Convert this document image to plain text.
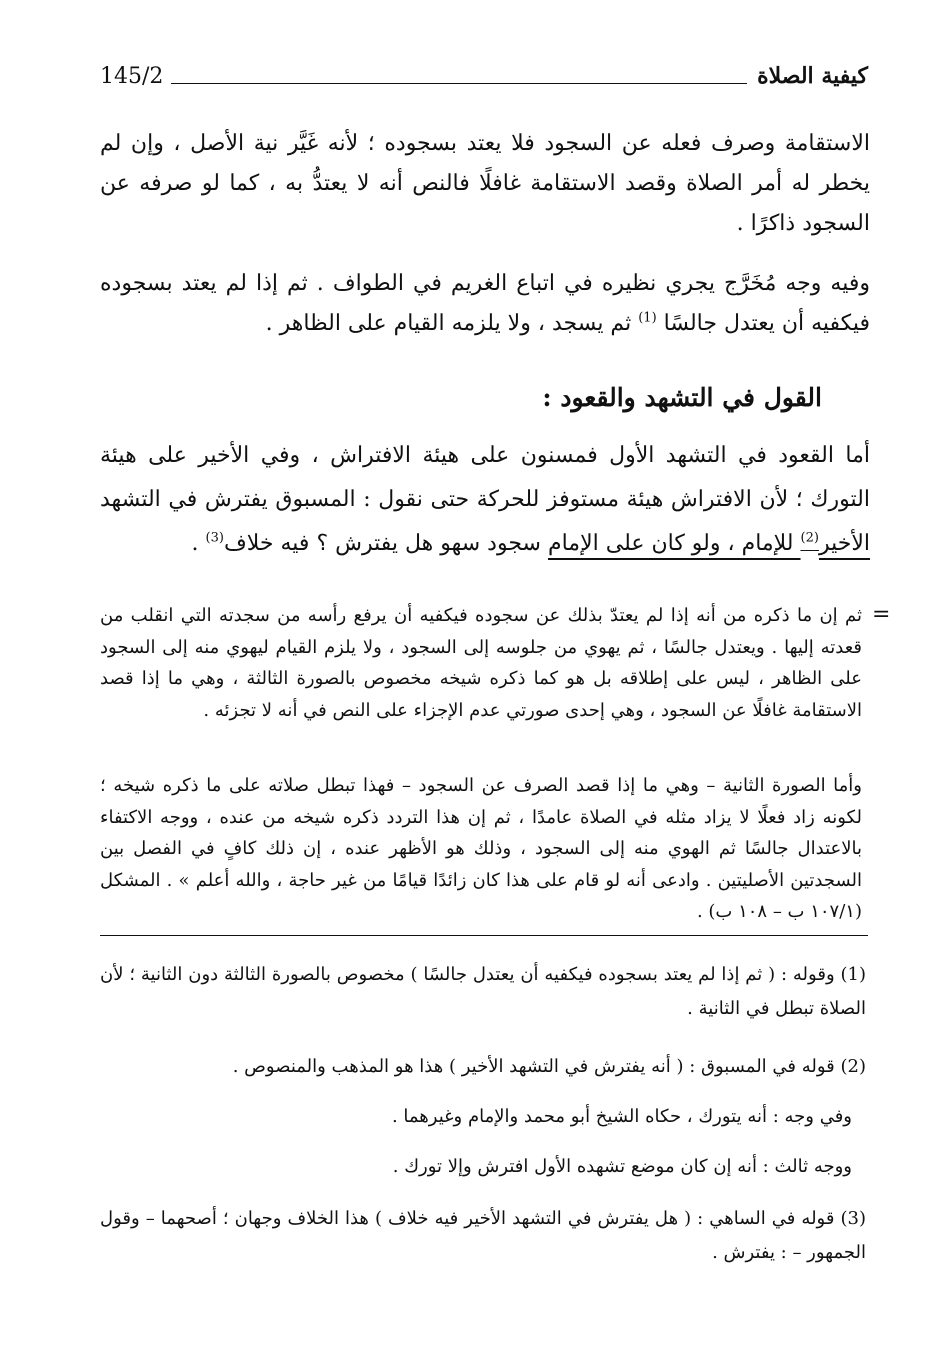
كيفية الصلاة
145/2
الاستقامة وصرف فعله عن السجود فلا يعتد بسجوده ؛ لأنه غَيَّر نية الأصل ، وإن لم يخطر له أمر الصلاة وقصد الاستقامة غافلًا فالنص أنه لا يعتدُّ به ، كما لو صرفه عن السجود ذاكرًا .
وفيه وجه مُخَرَّج يجري نظيره في اتباع الغريم في الطواف . ثم إذا لم يعتد بسجوده فيكفيه أن يعتدل جالسًا $^{(1)}$ ثم يسجد ، ولا يلزمه القيام على الظاهر .
القول في التشهد والقعود :
أما القعود في التشهد الأول فمسنون على هيئة الافتراش ، وفي الأخير على هيئة التورك ؛ لأن الافتراش هيئة مستوفز للحركة حتى نقول : المسبوق يفترش في التشهد الأخير$^{(2)}$ للإمام ، ولو كان على الإمام سجود سهو هل يفترش ؟ فيه خلاف$^{(3)}$ .
=
ثم إن ما ذكره من أنه إذا لم يعتدّ بذلك عن سجوده فيكفيه أن يرفع رأسه من سجدته التي انقلب من قعدته إليها . ويعتدل جالسًا ، ثم يهوي من جلوسه إلى السجود ، ولا يلزم القيام ليهوي منه إلى السجود على الظاهر ، ليس على إطلاقه بل هو كما ذكره شيخه مخصوص بالصورة الثالثة ، وهي ما إذا قصد الاستقامة غافلًا عن السجود ، وهي إحدى صورتي عدم الإجزاء على النص في أنه لا تجزئه .
وأما الصورة الثانية – وهي ما إذا قصد الصرف عن السجود – فهذا تبطل صلاته على ما ذكره شيخه ؛ لكونه زاد فعلًا لا يزاد مثله في الصلاة عامدًا ، ثم إن هذا التردد ذكره شيخه من عنده ، ووجه الاكتفاء بالاعتدال جالسًا ثم الهوي منه إلى السجود ، وذلك هو الأظهر عنده ، إن ذلك كافٍ في الفصل بين السجدتين الأصليتين . وادعى أنه لو قام على هذا كان زائدًا قيامًا من غير حاجة ، والله أعلم » . المشكل (١٠٧/١ ب – ١٠٨ ب) .
(1) وقوله : ( ثم إذا لم يعتد بسجوده فيكفيه أن يعتدل جالسًا ) مخصوص بالصورة الثالثة دون الثانية ؛ لأن الصلاة تبطل في الثانية .
(2) قوله في المسبوق : ( أنه يفترش في التشهد الأخير ) هذا هو المذهب والمنصوص .
وفي وجه : أنه يتورك ، حكاه الشيخ أبو محمد والإمام وغيرهما .
ووجه ثالث : أنه إن كان موضع تشهده الأول افترش وإلا تورك .
(3) قوله في الساهي : ( هل يفترش في التشهد الأخير فيه خلاف ) هذا الخلاف وجهان ؛ أصحهما – وقول الجمهور – : يفترش .
